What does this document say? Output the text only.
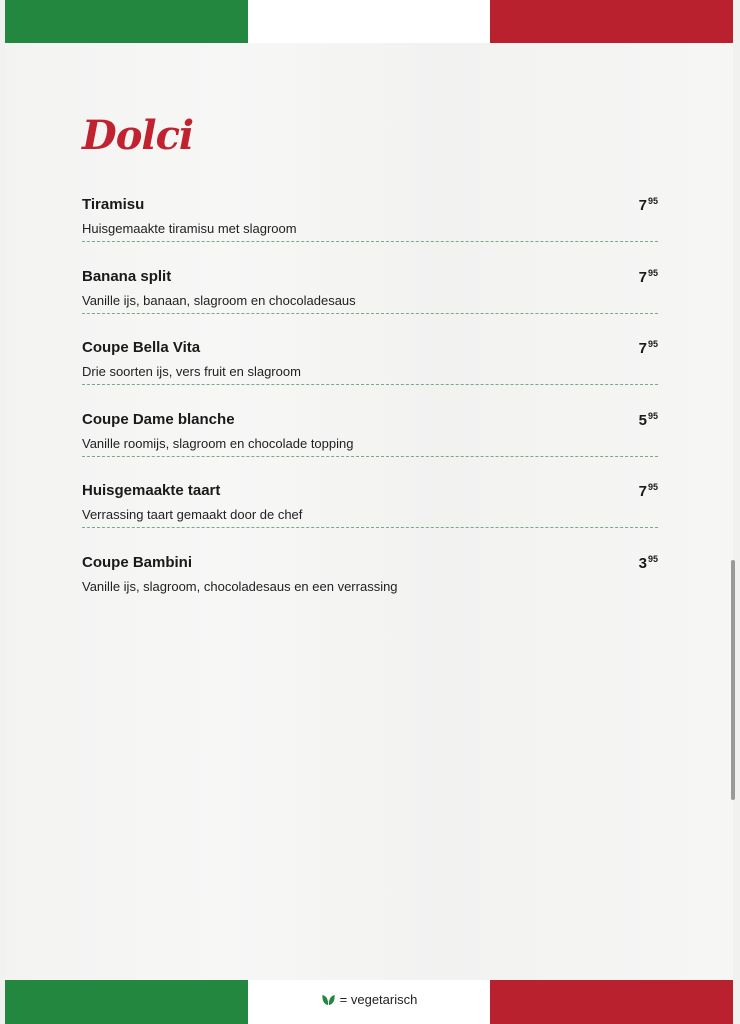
Dolci
Tiramisu
Huisgemaakte tiramisu met slagroom
$7^{95}$
Banana split
Vanille ijs, banaan, slagroom en chocoladesaus
$7^{95}$
Coupe Bella Vita
Drie soorten ijs, vers fruit en slagroom
$7^{95}$
Coupe Dame blanche
Vanille roomijs, slagroom en chocolade topping
$5^{95}$
Huisgemaakte taart
Verrassing taart gemaakt door de chef
$7^{95}$
Coupe Bambini
Vanille ijs, slagroom, chocoladesaus en een verrassing
$3^{95}$
= vegetarisch
